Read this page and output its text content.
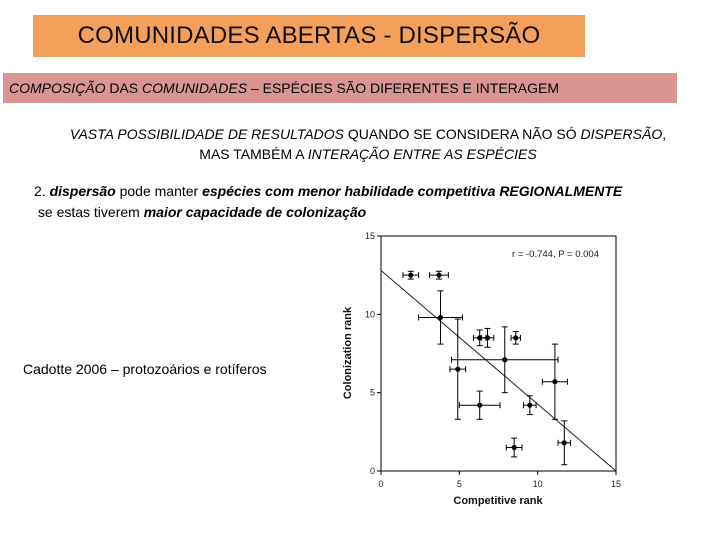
COMUNIDADES ABERTAS - DISPERSÃO
COMPOSIÇÃO DAS COMUNIDADES – ESPÉCIES SÃO DIFERENTES E INTERAGEM
VASTA POSSIBILIDADE DE RESULTADOS QUANDO SE CONSIDERA NÃO SÓ DISPERSÃO,
MAS TAMBÉM A INTERAÇÃO ENTRE AS ESPÉCIES
2. dispersão pode manter espécies com menor habilidade competitiva REGIONALMENTE se estas tiverem maior capacidade de colonização
Cadotte 2006 – protozoários e rotíferos
0	5	10	15
0
5
10
15
r = -0.744, P = 0.004
Competitive rank
Colonization rank
